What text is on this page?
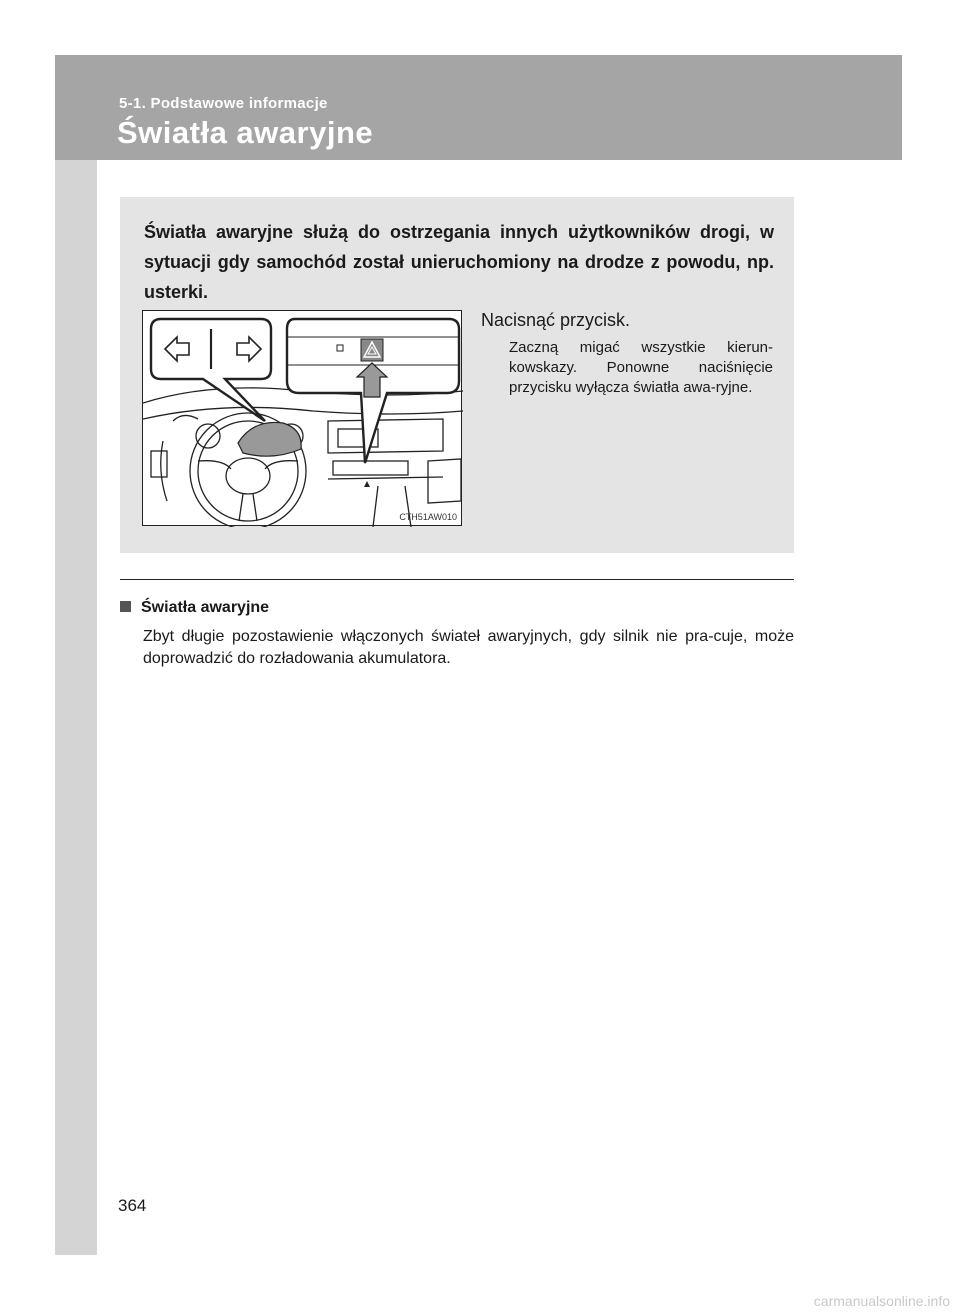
5-1. Podstawowe informacje
Światła awaryjne
Światła awaryjne służą do ostrzegania innych użytkowników drogi, w sytuacji gdy samochód został unieruchomiony na drodze z powodu, np. usterki.
CTH51AW010
Nacisnąć przycisk.
Zaczną migać wszystkie kierun-kowskazy. Ponowne naciśnięcie przycisku wyłącza światła awa-ryjne.
Światła awaryjne
Zbyt długie pozostawienie włączonych świateł awaryjnych, gdy silnik nie pra-cuje, może doprowadzić do rozładowania akumulatora.
364
carmanualsonline.info
